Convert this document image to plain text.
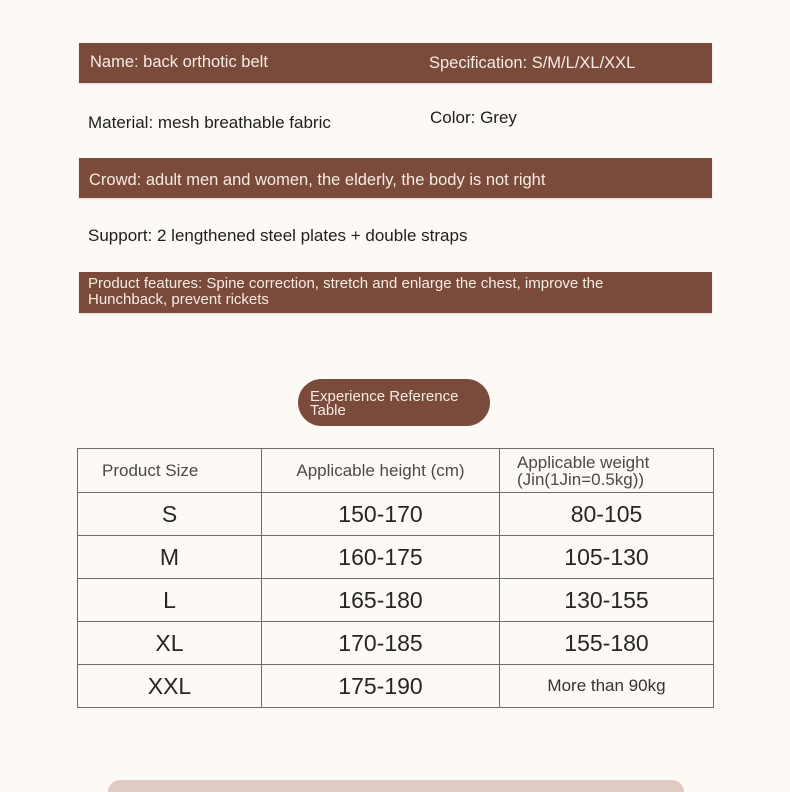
Name: back orthotic belt	Specification: S/M/L/XL/XXL
Material: mesh breathable fabric	Color: Grey
Crowd: adult men and women, the elderly, the body is not right
Support: 2 lengthened steel plates + double straps
Product features: Spine correction, stretch and enlarge the chest, improve the
Hunchback, prevent rickets
Experience Reference
Table
Product Size	Applicable height (cm)	Applicable weight
(Jin(1Jin=0.5kg))

S	150-170	80-105
M	160-175	105-130
L	165-180	130-155
XL	170-185	155-180
XXL	175-190	More than 90kg
